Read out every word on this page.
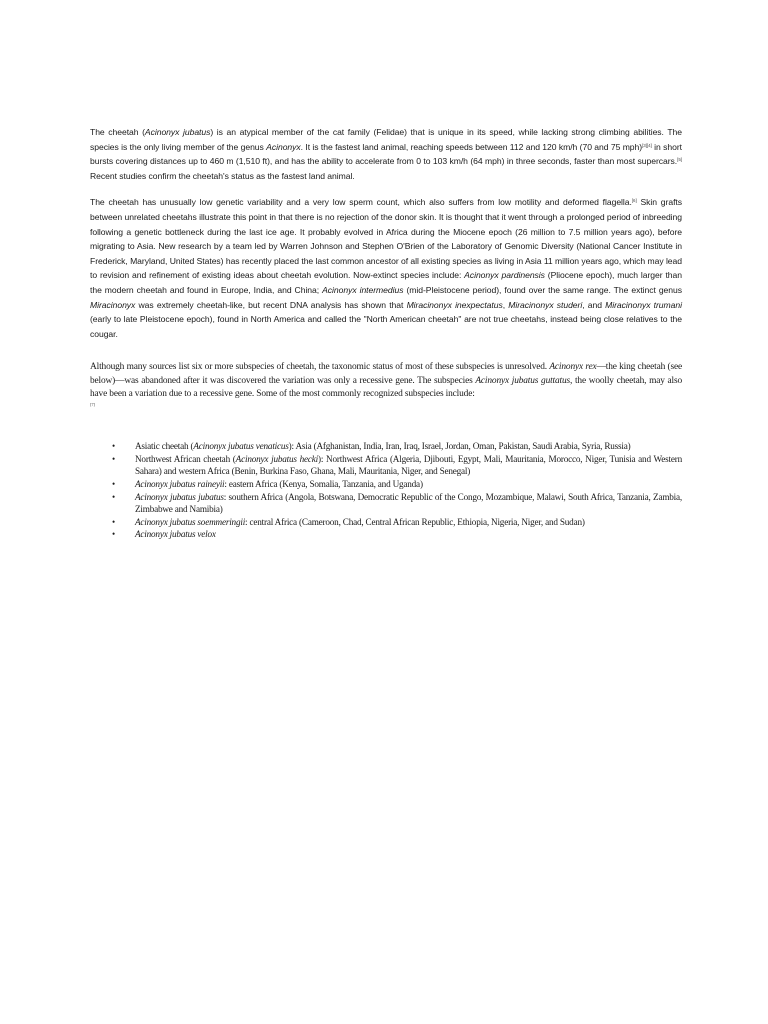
The cheetah (Acinonyx jubatus) is an atypical member of the cat family (Felidae) that is unique in its speed, while lacking strong climbing abilities. The species is the only living member of the genus Acinonyx. It is the fastest land animal, reaching speeds between 112 and 120 km/h (70 and 75 mph)[3][4] in short bursts covering distances up to 460 m (1,510 ft), and has the ability to accelerate from 0 to 103 km/h (64 mph) in three seconds, faster than most supercars.[5] Recent studies confirm the cheetah's status as the fastest land animal.

The cheetah has unusually low genetic variability and a very low sperm count, which also suffers from low motility and deformed flagella.[6] Skin grafts between unrelated cheetahs illustrate this point in that there is no rejection of the donor skin. It is thought that it went through a prolonged period of inbreeding following a genetic bottleneck during the last ice age. It probably evolved in Africa during the Miocene epoch (26 million to 7.5 million years ago), before migrating to Asia. New research by a team led by Warren Johnson and Stephen O'Brien of the Laboratory of Genomic Diversity (National Cancer Institute in Frederick, Maryland, United States) has recently placed the last common ancestor of all existing species as living in Asia 11 million years ago, which may lead to revision and refinement of existing ideas about cheetah evolution. Now-extinct species include: Acinonyx pardinensis (Pliocene epoch), much larger than the modern cheetah and found in Europe, India, and China; Acinonyx intermedius (mid-Pleistocene period), found over the same range. The extinct genus Miracinonyx was extremely cheetah-like, but recent DNA analysis has shown that Miracinonyx inexpectatus, Miracinonyx studeri, and Miracinonyx trumani (early to late Pleistocene epoch), found in North America and called the "North American cheetah" are not true cheetahs, instead being close relatives to the cougar.

Although many sources list six or more subspecies of cheetah, the taxonomic status of most of these subspecies is unresolved. Acinonyx rex—the king cheetah (see below)—was abandoned after it was discovered the variation was only a recessive gene. The subspecies Acinonyx jubatus guttatus, the woolly cheetah, may also have been a variation due to a recessive gene. Some of the most commonly recognized subspecies include:
[7]

• Asiatic cheetah (Acinonyx jubatus venaticus): Asia (Afghanistan, India, Iran, Iraq, Israel, Jordan, Oman, Pakistan, Saudi Arabia, Syria, Russia)
• Northwest African cheetah (Acinonyx jubatus hecki): Northwest Africa (Algeria, Djibouti, Egypt, Mali, Mauritania, Morocco, Niger, Tunisia and Western Sahara) and western Africa (Benin, Burkina Faso, Ghana, Mali, Mauritania, Niger, and Senegal)
• Acinonyx jubatus raineyii: eastern Africa (Kenya, Somalia, Tanzania, and Uganda)
• Acinonyx jubatus jubatus: southern Africa (Angola, Botswana, Democratic Republic of the Congo, Mozambique, Malawi, South Africa, Tanzania, Zambia, Zimbabwe and Namibia)
• Acinonyx jubatus soemmeringii: central Africa (Cameroon, Chad, Central African Republic, Ethiopia, Nigeria, Niger, and Sudan)
• Acinonyx jubatus velox
